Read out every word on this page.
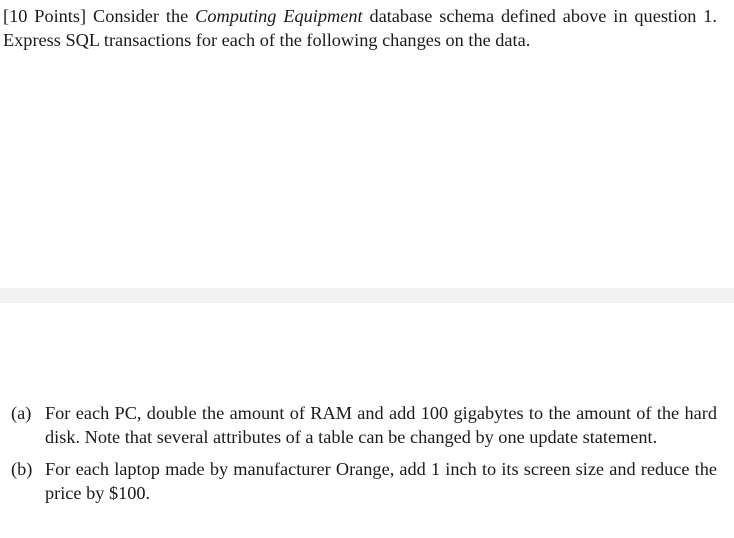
[10 Points] Consider the Computing Equipment database schema defined above in question 1. Express SQL transactions for each of the following changes on the data.

(a) For each PC, double the amount of RAM and add 100 gigabytes to the amount of the hard disk. Note that several attributes of a table can be changed by one update statement.
(b) For each laptop made by manufacturer Orange, add 1 inch to its screen size and reduce the price by $100.
